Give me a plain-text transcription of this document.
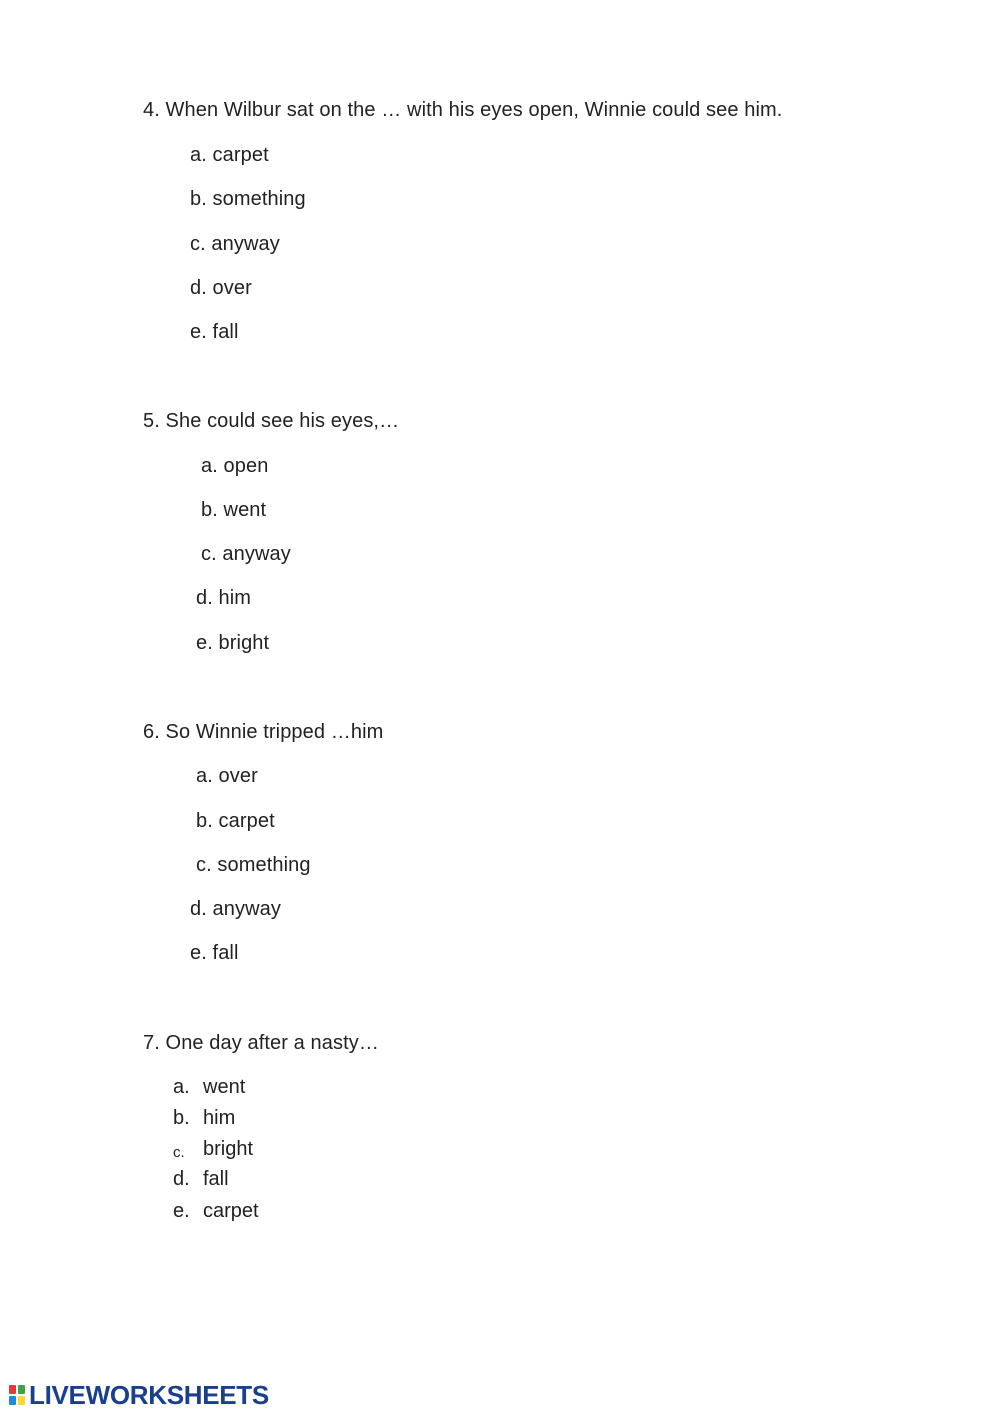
4. When Wilbur sat on the … with his eyes open, Winnie could see him.
a. carpet
b. something
c. anyway
d. over
e. fall
5. She could see his eyes,…
a. open
b. went
c. anyway
d. him
e. bright
6. So Winnie tripped …him
a. over
b. carpet
c. something
d. anyway
e. fall
7. One day after a nasty…
a. went
b. him
c. bright
d. fall
e. carpet
LIVEWORKSHEETS
